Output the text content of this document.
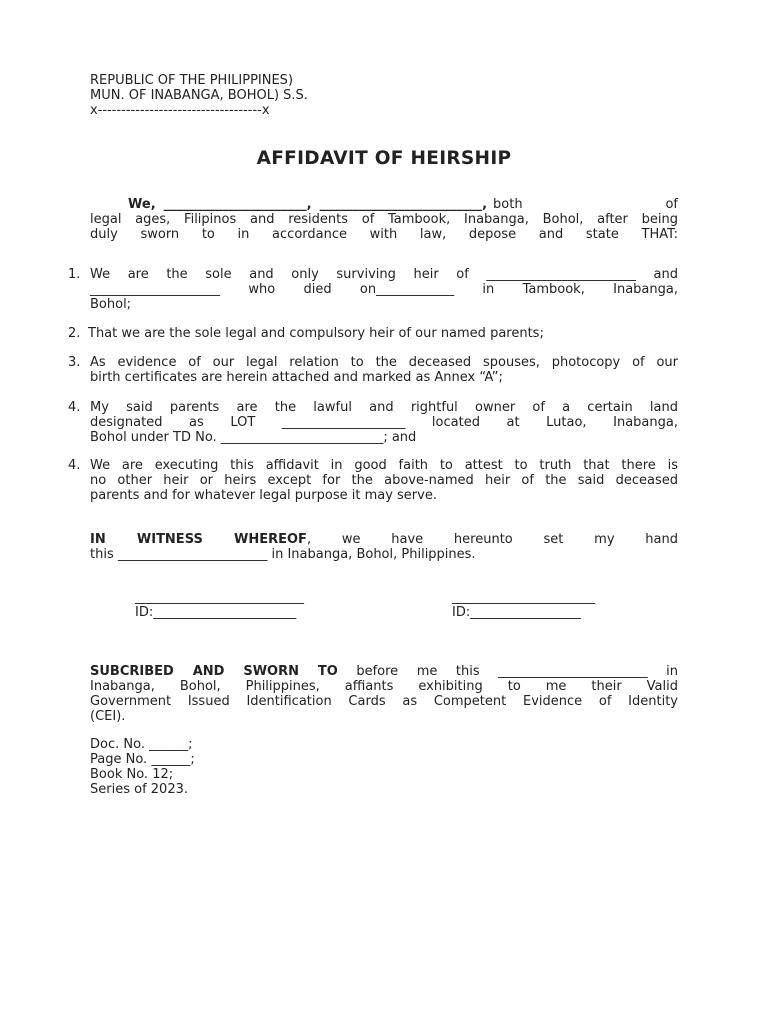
REPUBLIC OF THE PHILIPPINES)
MUN. OF INABANGA, BOHOL) S.S.
x-----------------------------------x
AFFIDAVIT OF HEIRSHIP
We, ______________________, _________________________, both	of
legal ages, Filipinos and residents of Tambook, Inabanga, Bohol, after being
duly sworn to in accordance with law, depose and state THAT:
1. We are the sole and only surviving heir of _______________________ and
____________________ who died on____________ in Tambook, Inabanga,
Bohol;
2. That we are the sole legal and compulsory heir of our named parents;
3. As evidence of our legal relation to the deceased spouses, photocopy of our
birth certificates are herein attached and marked as Annex “A”;
4. My said parents are the lawful and rightful owner of a certain land
designated as LOT ___________________ located at Lutao, Inabanga,
Bohol under TD No. _________________________; and
4. We are executing this affidavit in good faith to attest to truth that there is
no other heir or heirs except for the above-named heir of the said deceased
parents and for whatever legal purpose it may serve.
IN WITNESS WHEREOF, we have hereunto set my hand
this _______________________ in Inabanga, Bohol, Philippines.
__________________________
ID:______________________
______________________
ID:_________________
SUBCRIBED AND SWORN TO before me this _______________________ in
Inabanga, Bohol, Philippines, affiants exhibiting to me their Valid
Government Issued Identification Cards as Competent Evidence of Identity
(CEI).
Doc. No. ______;
Page No. ______;
Book No. 12;
Series of 2023.
